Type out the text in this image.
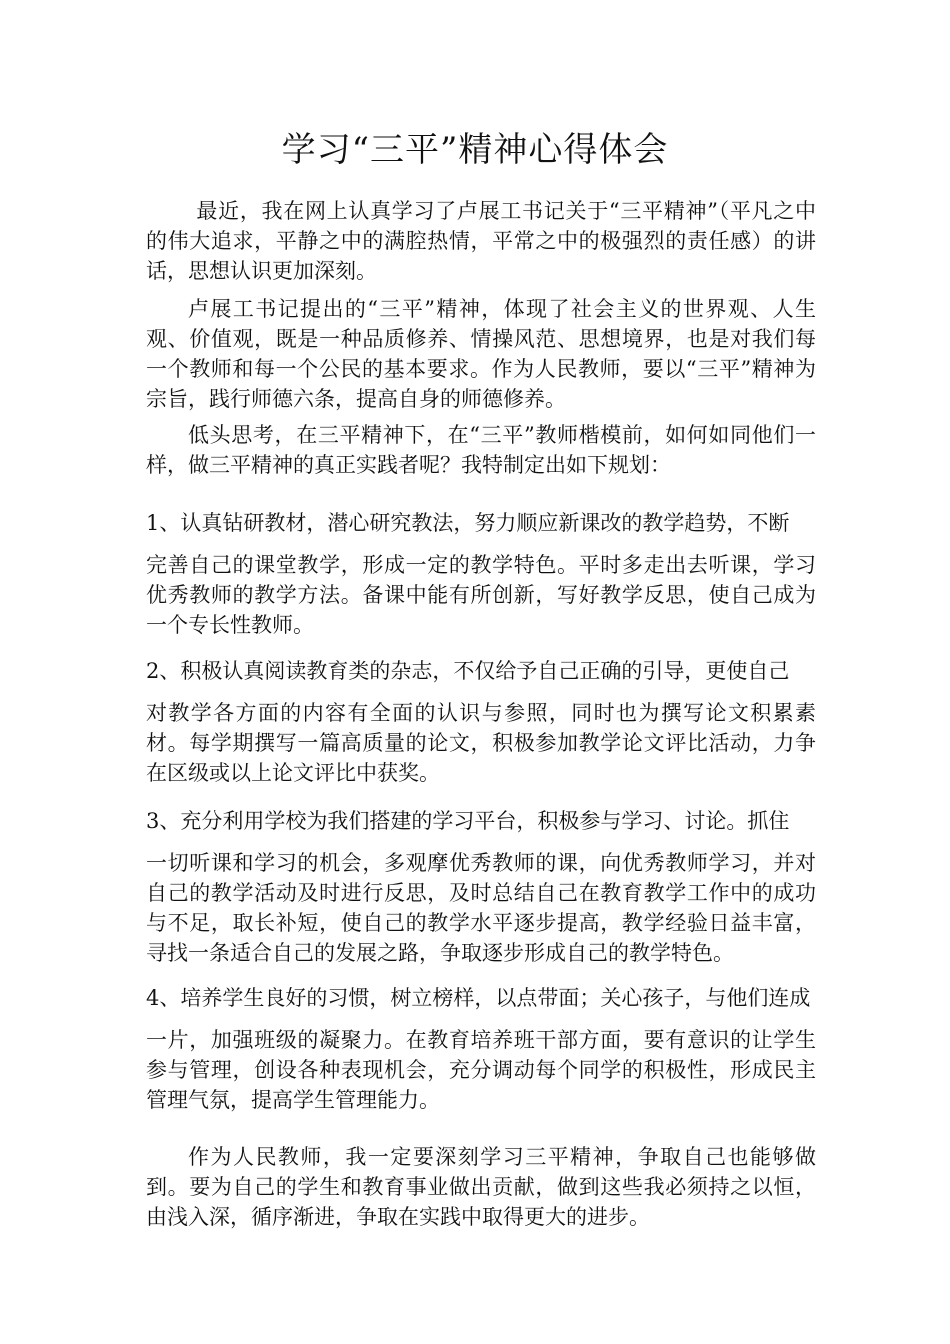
学习“三平”精神心得体会

最近，我在网上认真学习了卢展工书记关于“三平精神”（平凡之中的伟大追求，平静之中的满腔热情，平常之中的极强烈的责任感）的讲话，思想认识更加深刻。

卢展工书记提出的“三平”精神，体现了社会主义的世界观、人生观、价值观，既是一种品质修养、情操风范、思想境界，也是对我们每一个教师和每一个公民的基本要求。作为人民教师，要以“三平”精神为宗旨，践行师德六条，提高自身的师德修养。

低头思考，在三平精神下，在“三平”教师楷模前，如何如同他们一样，做三平精神的真正实践者呢？我特制定出如下规划：

1、认真钻研教材，潜心研究教法，努力顺应新课改的教学趋势，不断

完善自己的课堂教学，形成一定的教学特色。平时多走出去听课，学习优秀教师的教学方法。备课中能有所创新，写好教学反思，使自己成为一个专长性教师。

2、积极认真阅读教育类的杂志，不仅给予自己正确的引导，更使自己

对教学各方面的内容有全面的认识与参照，同时也为撰写论文积累素材。每学期撰写一篇高质量的论文，积极参加教学论文评比活动，力争在区级或以上论文评比中获奖。

3、充分利用学校为我们搭建的学习平台，积极参与学习、讨论。抓住

一切听课和学习的机会，多观摩优秀教师的课，向优秀教师学习，并对自己的教学活动及时进行反思，及时总结自己在教育教学工作中的成功与不足，取长补短，使自己的教学水平逐步提高，教学经验日益丰富，寻找一条适合自己的发展之路，争取逐步形成自己的教学特色。

4、培养学生良好的习惯，树立榜样，以点带面；关心孩子，与他们连成

一片，加强班级的凝聚力。在教育培养班干部方面，要有意识的让学生参与管理，创设各种表现机会，充分调动每个同学的积极性，形成民主管理气氛，提高学生管理能力。

作为人民教师，我一定要深刻学习三平精神，争取自己也能够做到。要为自己的学生和教育事业做出贡献，做到这些我必须持之以恒，由浅入深，循序渐进，争取在实践中取得更大的进步。
